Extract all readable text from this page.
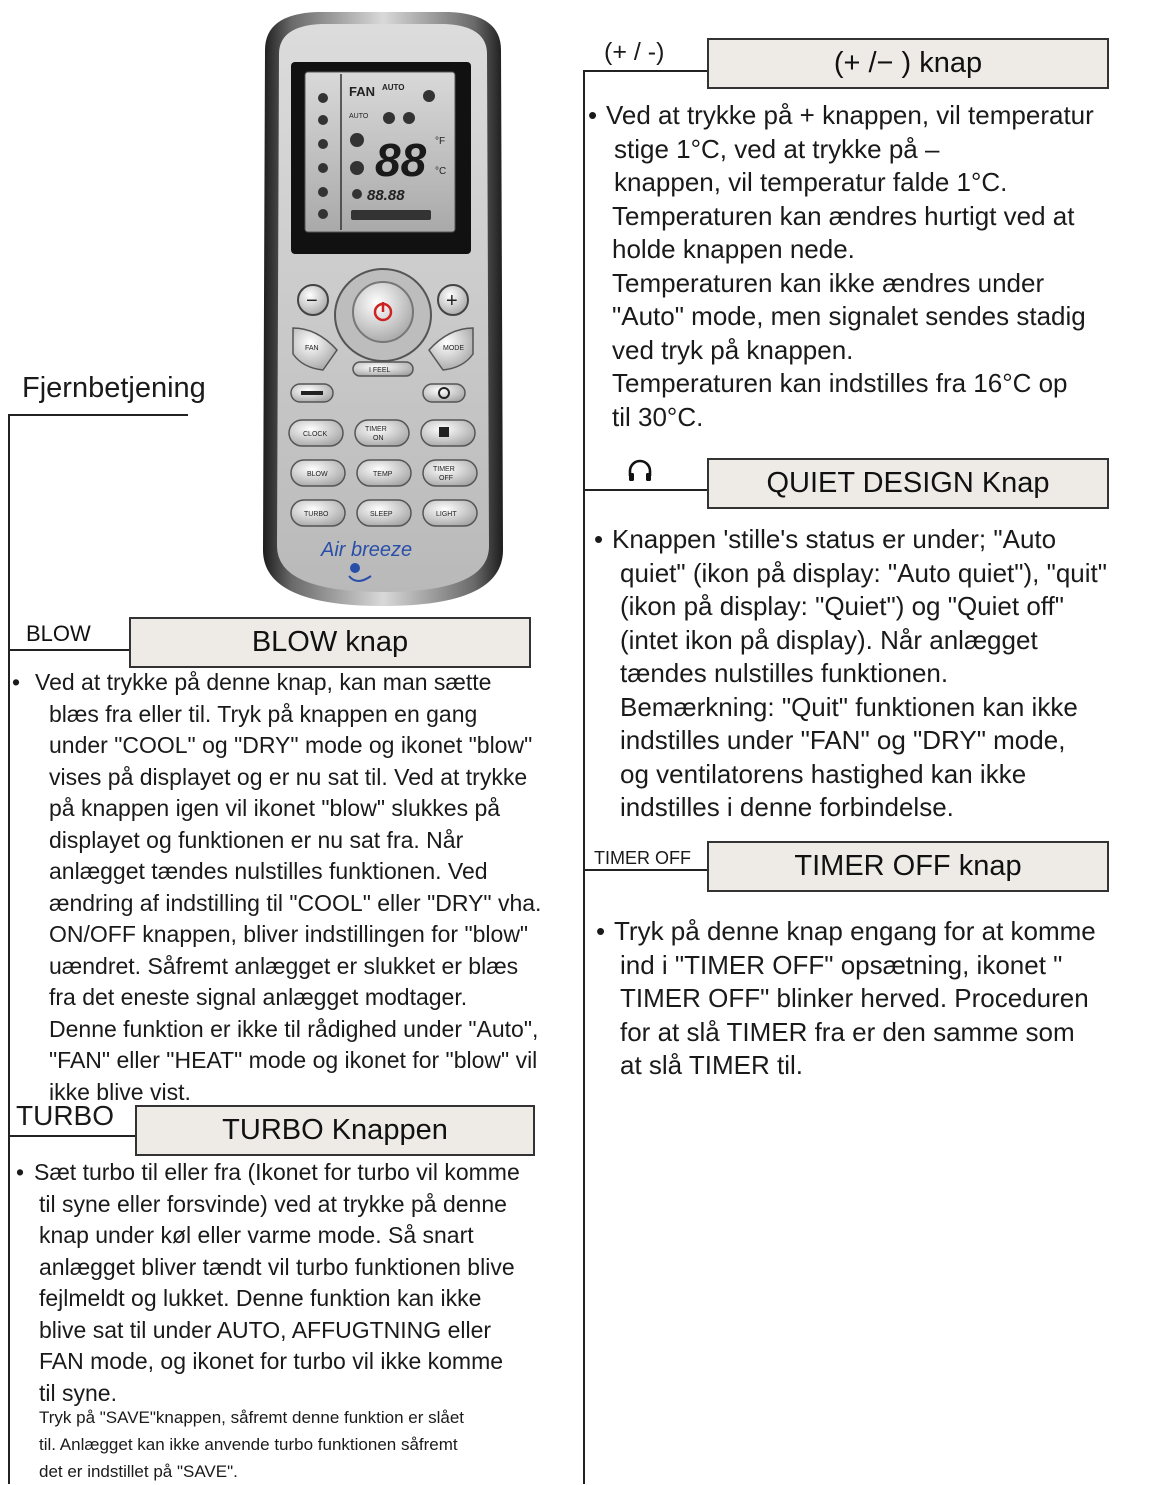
Fjernbetjening
BLOW	BLOW knap
• Ved at trykke på denne knap, kan man sætte
blæs fra eller til. Tryk på knappen en gang
under "COOL" og "DRY" mode og ikonet "blow"
vises på displayet og er nu sat til. Ved at trykke
på knappen igen vil ikonet "blow" slukkes på
displayet og funktionen er nu sat fra. Når
anlægget tændes nulstilles funktionen. Ved
ændring af indstilling til "COOL" eller "DRY" vha.
ON/OFF knappen, bliver indstillingen for "blow"
uændret. Såfremt anlægget er slukket er blæs
fra det eneste signal anlægget modtager.
Denne funktion er ikke til rådighed under "Auto",
"FAN" eller "HEAT" mode og ikonet for "blow" vil
ikke blive vist.
TURBO	TURBO Knappen
• Sæt turbo til eller fra (Ikonet for turbo vil komme
til syne eller forsvinde) ved at trykke på denne
knap under køl eller varme mode. Så snart
anlægget bliver tændt vil turbo funktionen blive
fejlmeldt og lukket. Denne funktion kan ikke
blive sat til under AUTO, AFFUGTNING eller
FAN mode, og ikonet for turbo vil ikke komme
til syne.
Tryk på "SAVE"knappen, såfremt denne funktion er slået
til. Anlægget kan ikke anvende turbo funktionen såfremt
det er indstillet på "SAVE".
(+ / -)	(+ /− ) knap
• Ved at trykke på + knappen, vil temperatur
stige 1°C, ved at trykke på –
knappen, vil temperatur falde 1°C.
Temperaturen kan ændres hurtigt ved at
holde knappen nede.
Temperaturen kan ikke ændres under
"Auto" mode, men signalet sendes stadig
ved tryk på knappen.
Temperaturen kan indstilles fra 16°C op
til 30°C.
QUIET DESIGN Knap
• Knappen 'stille's status er under; "Auto
quiet" (ikon på display: "Auto quiet"), "quit"
(ikon på display: "Quiet") og "Quiet off"
(intet ikon på display). Når anlægget
tændes nulstilles funktionen.
Bemærkning: "Quit" funktionen kan ikke
indstilles under "FAN" og "DRY" mode,
og ventilatorens hastighed kan ikke
indstilles i denne forbindelse.
TIMER OFF	TIMER OFF knap
• Tryk på denne knap engang for at komme
ind i "TIMER OFF" opsætning, ikonet "
TIMER OFF" blinker herved. Proceduren
for at slå TIMER fra er den samme som
at slå TIMER til.
FAN AUTO
AUTO
88 °F
°C
88.88
−	+
FAN	MODE
I FEEL
CLOCK
TIMER
ON
BLOW	TEMP
TIMER
OFF
TURBO	SLEEP	LIGHT
Air breeze
